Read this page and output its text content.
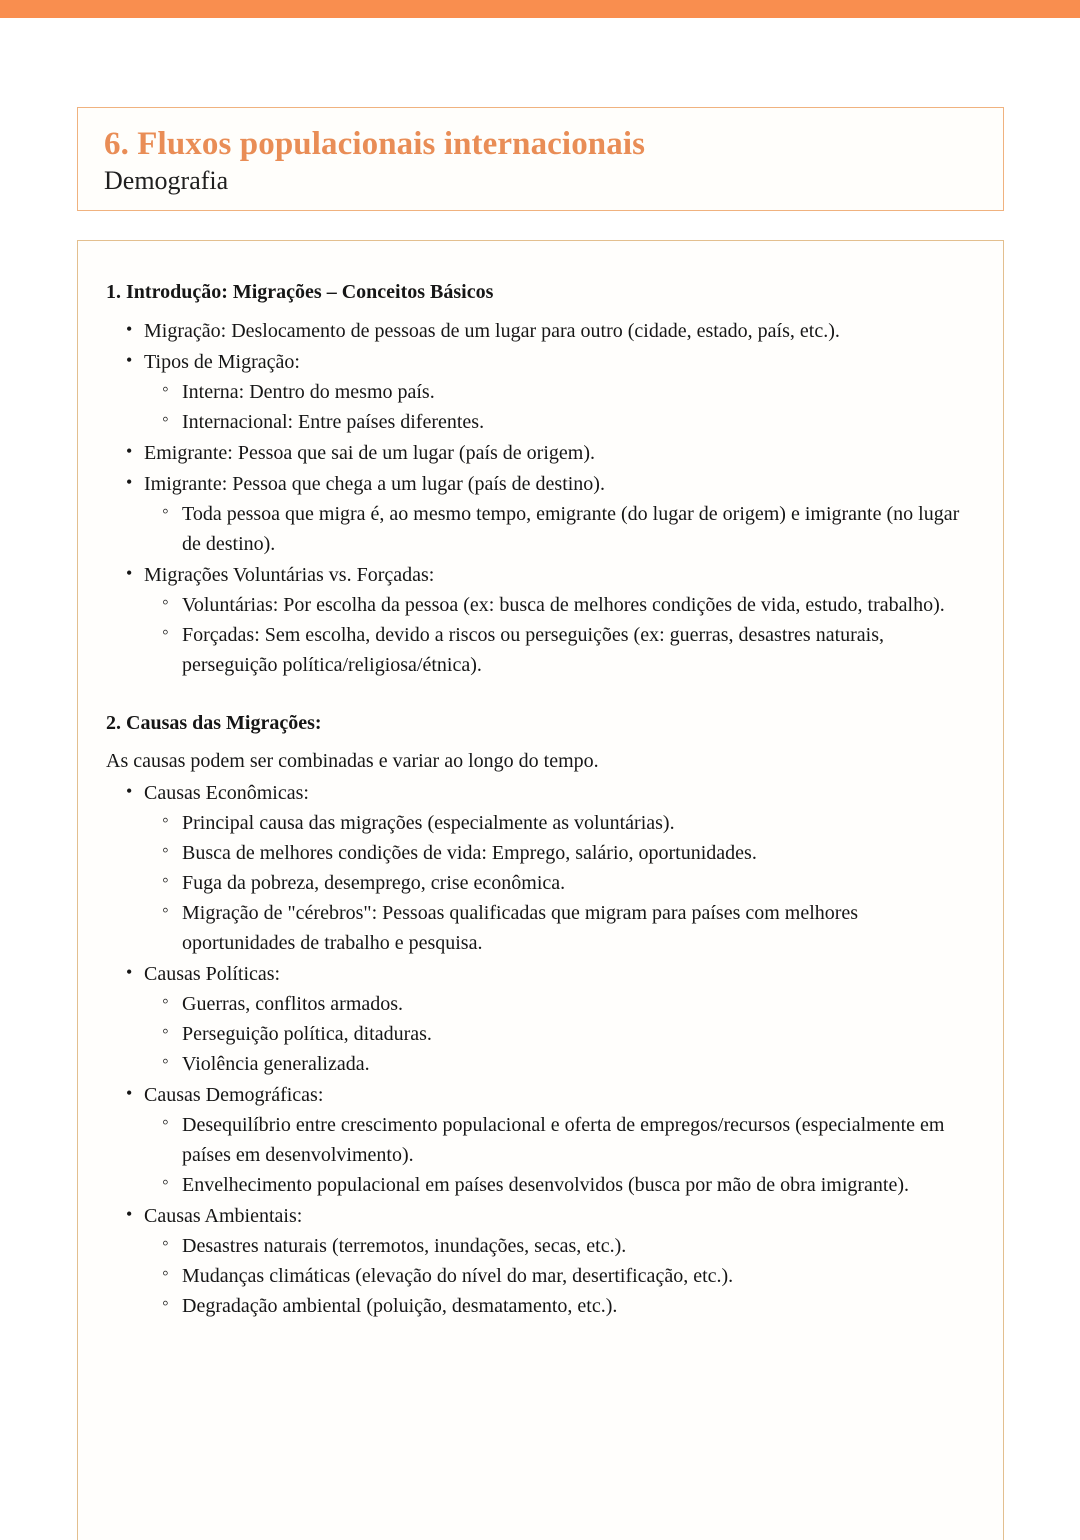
6. Fluxos populacionais internacionais
Demografia
1. Introdução: Migrações – Conceitos Básicos
• Migração: Deslocamento de pessoas de um lugar para outro (cidade, estado, país, etc.).
• Tipos de Migração:
◦ Interna: Dentro do mesmo país.
◦ Internacional: Entre países diferentes.
• Emigrante: Pessoa que sai de um lugar (país de origem).
• Imigrante: Pessoa que chega a um lugar (país de destino).
◦ Toda pessoa que migra é, ao mesmo tempo, emigrante (do lugar de origem) e imigrante (no lugar de destino).
• Migrações Voluntárias vs. Forçadas:
◦ Voluntárias: Por escolha da pessoa (ex: busca de melhores condições de vida, estudo, trabalho).
◦ Forçadas: Sem escolha, devido a riscos ou perseguições (ex: guerras, desastres naturais, perseguição política/religiosa/étnica).
2. Causas das Migrações:
As causas podem ser combinadas e variar ao longo do tempo.
• Causas Econômicas:
◦ Principal causa das migrações (especialmente as voluntárias).
◦ Busca de melhores condições de vida: Emprego, salário, oportunidades.
◦ Fuga da pobreza, desemprego, crise econômica.
◦ Migração de "cérebros": Pessoas qualificadas que migram para países com melhores oportunidades de trabalho e pesquisa.
• Causas Políticas:
◦ Guerras, conflitos armados.
◦ Perseguição política, ditaduras.
◦ Violência generalizada.
• Causas Demográficas:
◦ Desequilíbrio entre crescimento populacional e oferta de empregos/recursos (especialmente em países em desenvolvimento).
◦ Envelhecimento populacional em países desenvolvidos (busca por mão de obra imigrante).
• Causas Ambientais:
◦ Desastres naturais (terremotos, inundações, secas, etc.).
◦ Mudanças climáticas (elevação do nível do mar, desertificação, etc.).
◦ Degradação ambiental (poluição, desmatamento, etc.).
